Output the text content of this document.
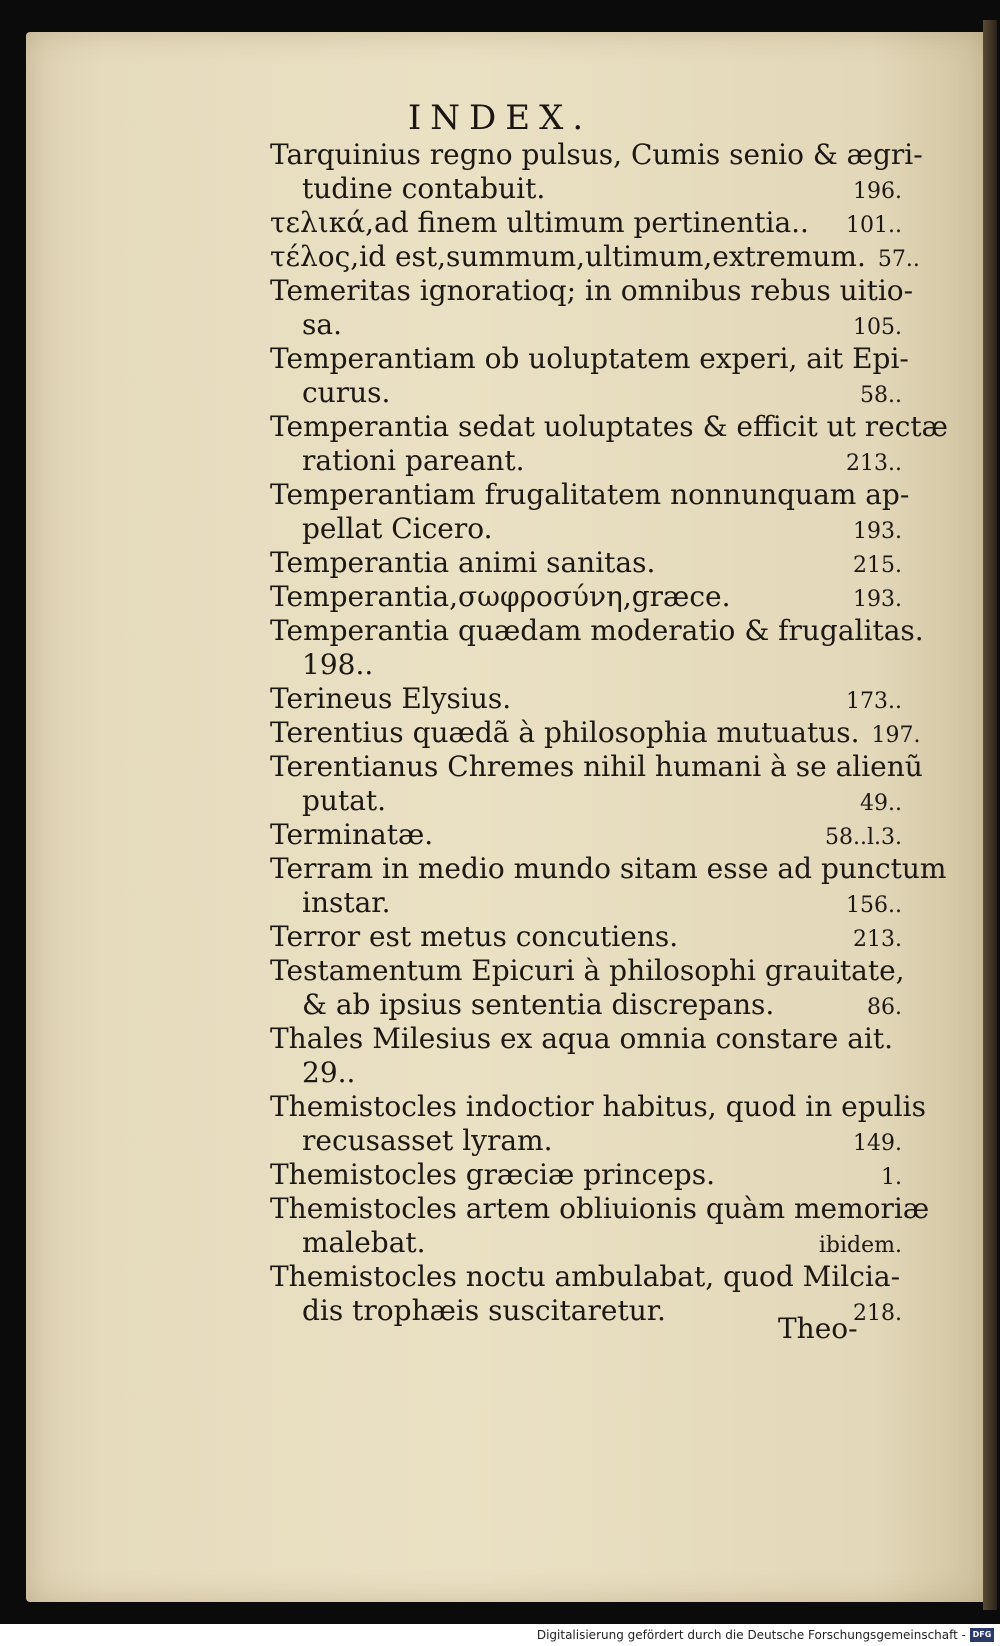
INDEX.
Tarquinius regno pulsus, Cumis senio & ægri-
tudine contabuit.	196.
τελικά,ad finem ultimum pertinentia..	101..
τέλος,id est,summum,ultimum,extremum. 57..
Temeritas ignoratioq; in omnibus rebus uitio-
sa.	105.
Temperantiam ob uoluptatem experi, ait Epi-
curus.	58..
Temperantia sedat uoluptates & efficit ut rectæ
rationi pareant.	213..
Temperantiam frugalitatem nonnunquam ap-
pellat Cicero.	193.
Temperantia animi sanitas.	215.
Temperantia,σωφροσύνη,græce.	193.
Temperantia quædam moderatio & frugalitas.
198..
Terineus Elysius.	173..
Terentius quædã à philosophia mutuatus. 197.
Terentianus Chremes nihil humani à se alienũ
putat.	49..
Terminatæ.	58..l.3.
Terram in medio mundo sitam esse ad punctum
instar.	156..
Terror est metus concutiens.	213.
Testamentum Epicuri à philosophi grauitate,
& ab ipsius sententia discrepans.	86.
Thales Milesius ex aqua omnia constare ait.
29..
Themistocles indoctior habitus, quod in epulis
recusasset lyram.	149.
Themistocles græciæ princeps.	1.
Themistocles artem obliuionis quàm memoriæ
malebat.	ibidem.
Themistocles noctu ambulabat, quod Milcia-
dis trophæis suscitaretur.	218.
Theo-
Digitalisierung gefördert durch die Deutsche Forschungsgemeinschaft - DFG
